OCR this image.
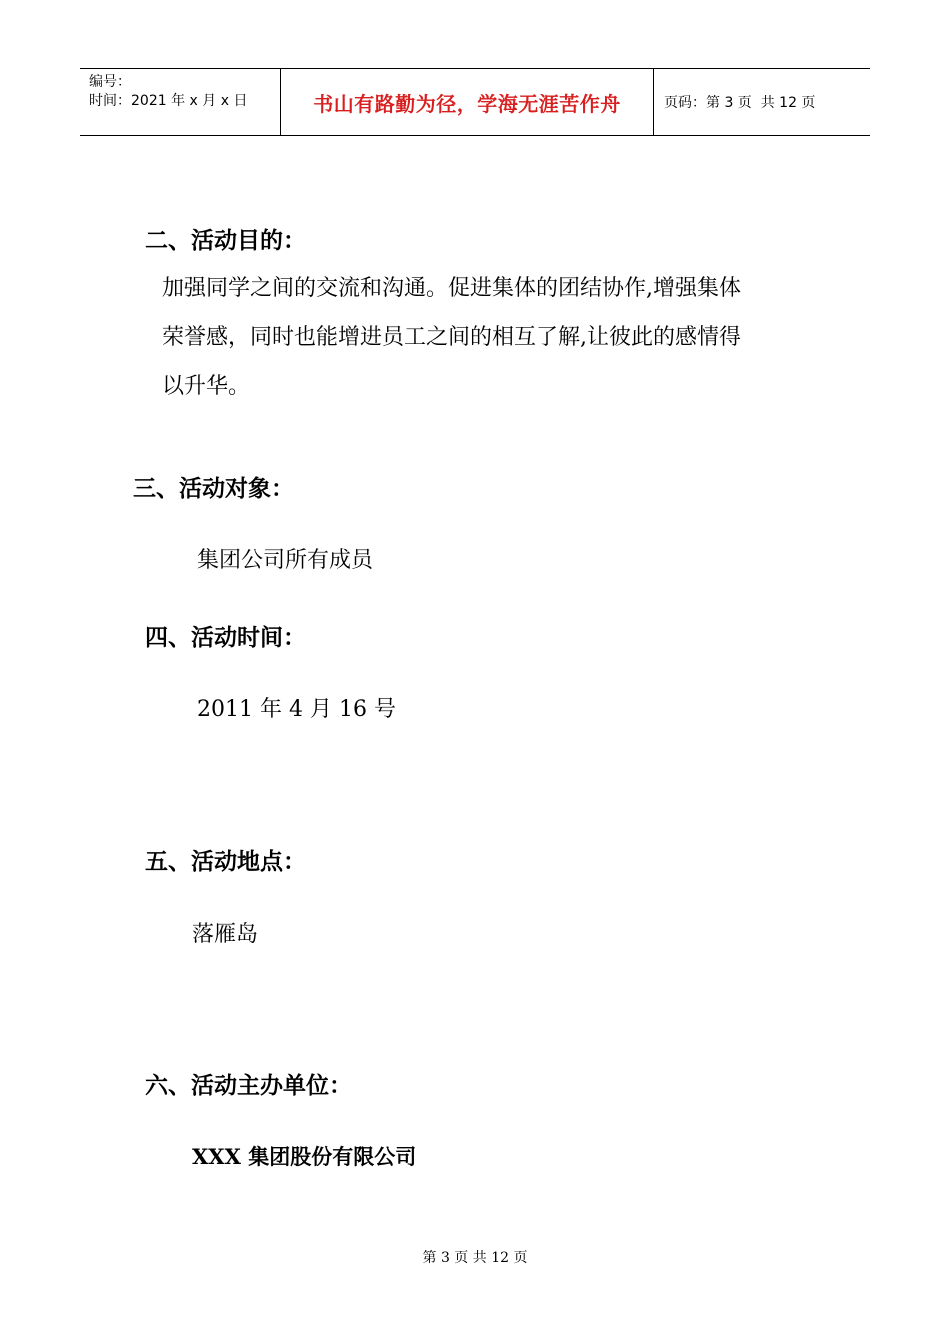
编号：
时间：2021 年 x 月 x 日	书山有路勤为径，学海无涯苦作舟	页码：第 3 页  共 12 页
二、活动目的：
加强同学之间的交流和沟通。促进集体的团结协作,增强集体
荣誉感，同时也能增进员工之间的相互了解,让彼此的感情得
以升华。
三、活动对象：
集团公司所有成员
四、活动时间：
2011 年 4 月 16 号
五、活动地点：
落雁岛
六、活动主办单位：
XXX 集团股份有限公司
第 3 页 共 12 页
